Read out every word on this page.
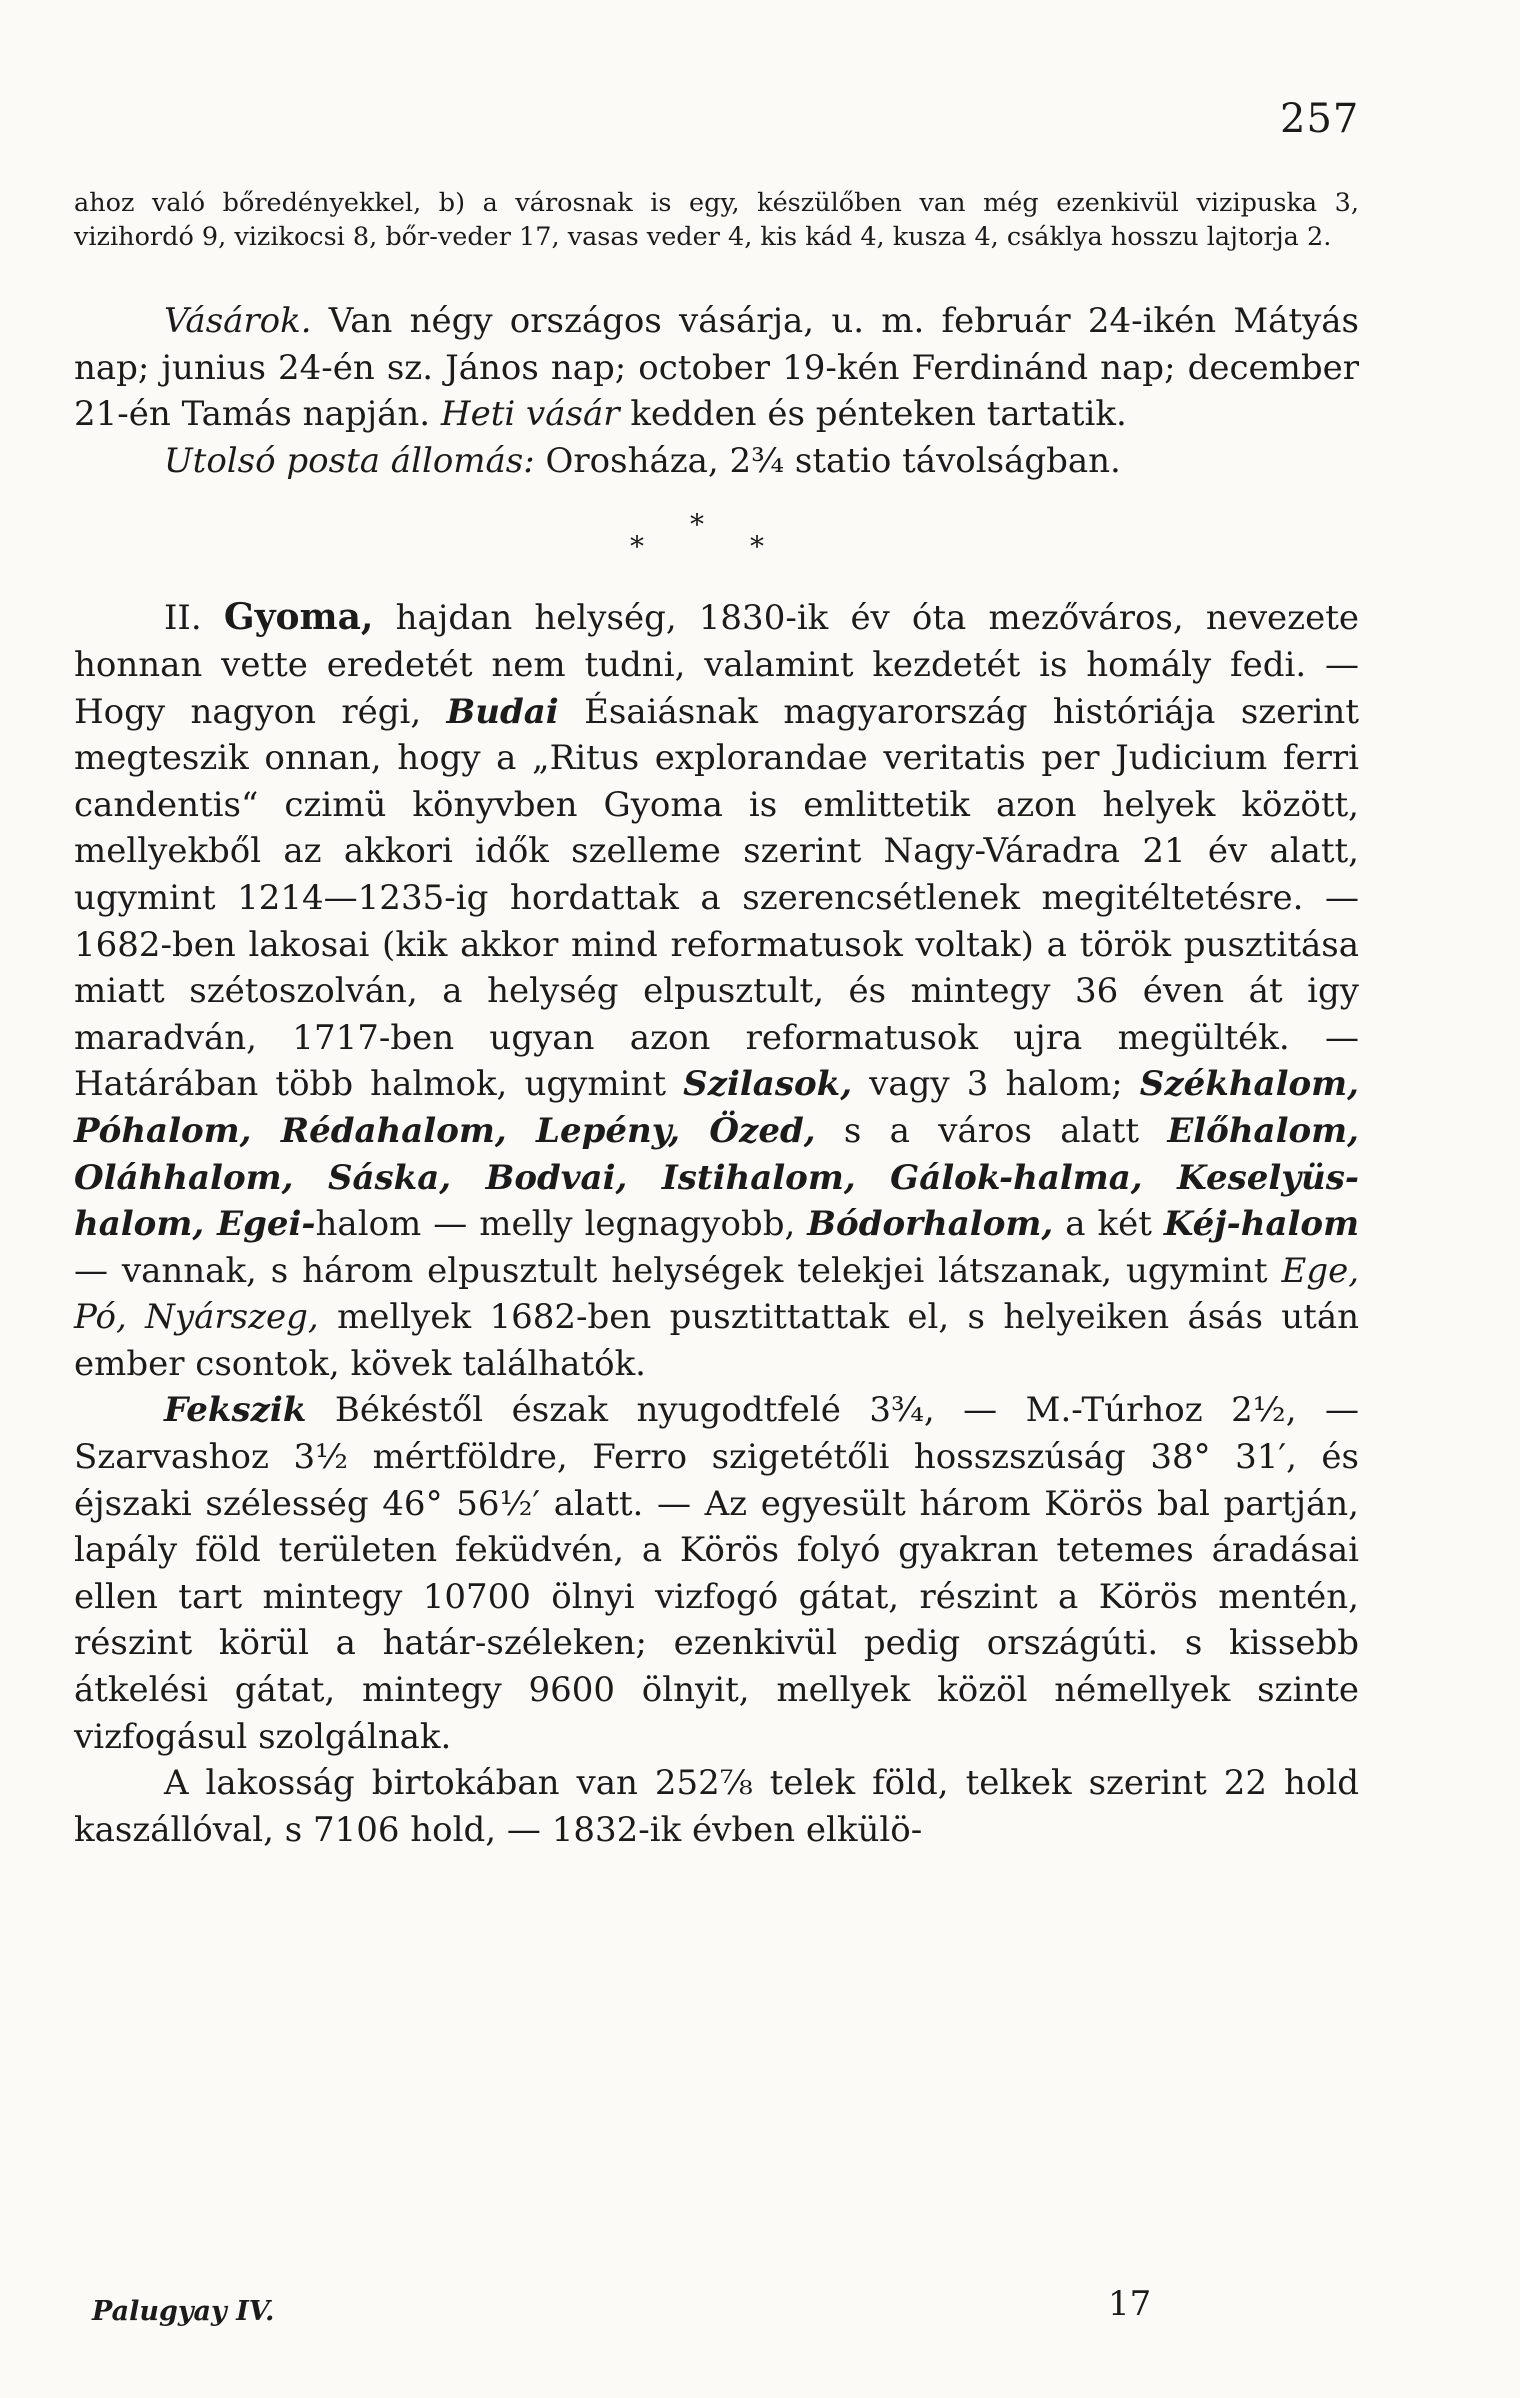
257

ahoz való bőredényekkel, b) a városnak is egy, készülőben van még ezenkivül vizipuska 3, vizihordó 9, vizikocsi 8, bőr-veder 17, vasas veder 4, kis kád 4, kusza 4, csáklya hosszu lajtorja 2.

Vásárok. Van négy országos vásárja, u. m. február 24-ikén Mátyás nap; junius 24-én sz. János nap; october 19-kén Ferdinánd nap; december 21-én Tamás napján. Heti vásár kedden és pénteken tartatik.

Utolsó posta állomás: Orosháza, 2¾ statio távolságban.

*
*	*

II. Gyoma, hajdan helység, 1830-ik év óta mezőváros, nevezete honnan vette eredetét nem tudni, valamint kezdetét is homály fedi. — Hogy nagyon régi, Budai Ésaiásnak magyarország históriája szerint megteszik onnan, hogy a „Ritus explorandae veritatis per Judicium ferri candentis“ czimü könyvben Gyoma is emlittetik azon helyek között, mellyekből az akkori idők szelleme szerint Nagy-Váradra 21 év alatt, ugymint 1214—1235-ig hordattak a szerencsétlenek megitéltetésre. — 1682-ben lakosai (kik akkor mind reformatusok voltak) a török pusztitása miatt szétoszolván, a helység elpusztult, és mintegy 36 éven át igy maradván, 1717-ben ugyan azon reformatusok ujra megülték. — Határában több halmok, ugymint Szilasok, vagy 3 halom; Székhalom, Póhalom, Rédahalom, Lepény, Özed, s a város alatt Előhalom, Oláhhalom, Sáska, Bodvai, Istihalom, Gálok-halma, Keselyüs-halom, Egei-halom — melly legnagyobb, Bódorhalom, a két Kéj-halom — vannak, s három elpusztult helységek telekjei látszanak, ugymint Ege, Pó, Nyárszeg, mellyek 1682-ben pusztittattak el, s helyeiken ásás után ember csontok, kövek találhatók.

Fekszik Békéstől észak nyugodtfelé 3¾, — M.-Túrhoz 2½, — Szarvashoz 3½ mértföldre, Ferro szigetétőli hosszszúság 38° 31′, és éjszaki szélesség 46° 56½′ alatt. — Az egyesült három Körös bal partján, lapály föld területen feküdvén, a Körös folyó gyakran tetemes áradásai ellen tart mintegy 10700 ölnyi vizfogó gátat, részint a Körös mentén, részint körül a határ-széleken; ezenkivül pedig országúti. s kissebb átkelési gátat, mintegy 9600 ölnyit, mellyek közöl némellyek szinte vizfogásul szolgálnak.

A lakosság birtokában van 252⅞ telek föld, telkek szerint 22 hold kaszállóval, s 7106 hold, — 1832-ik évben elkülö-

Palugyay IV.	17
